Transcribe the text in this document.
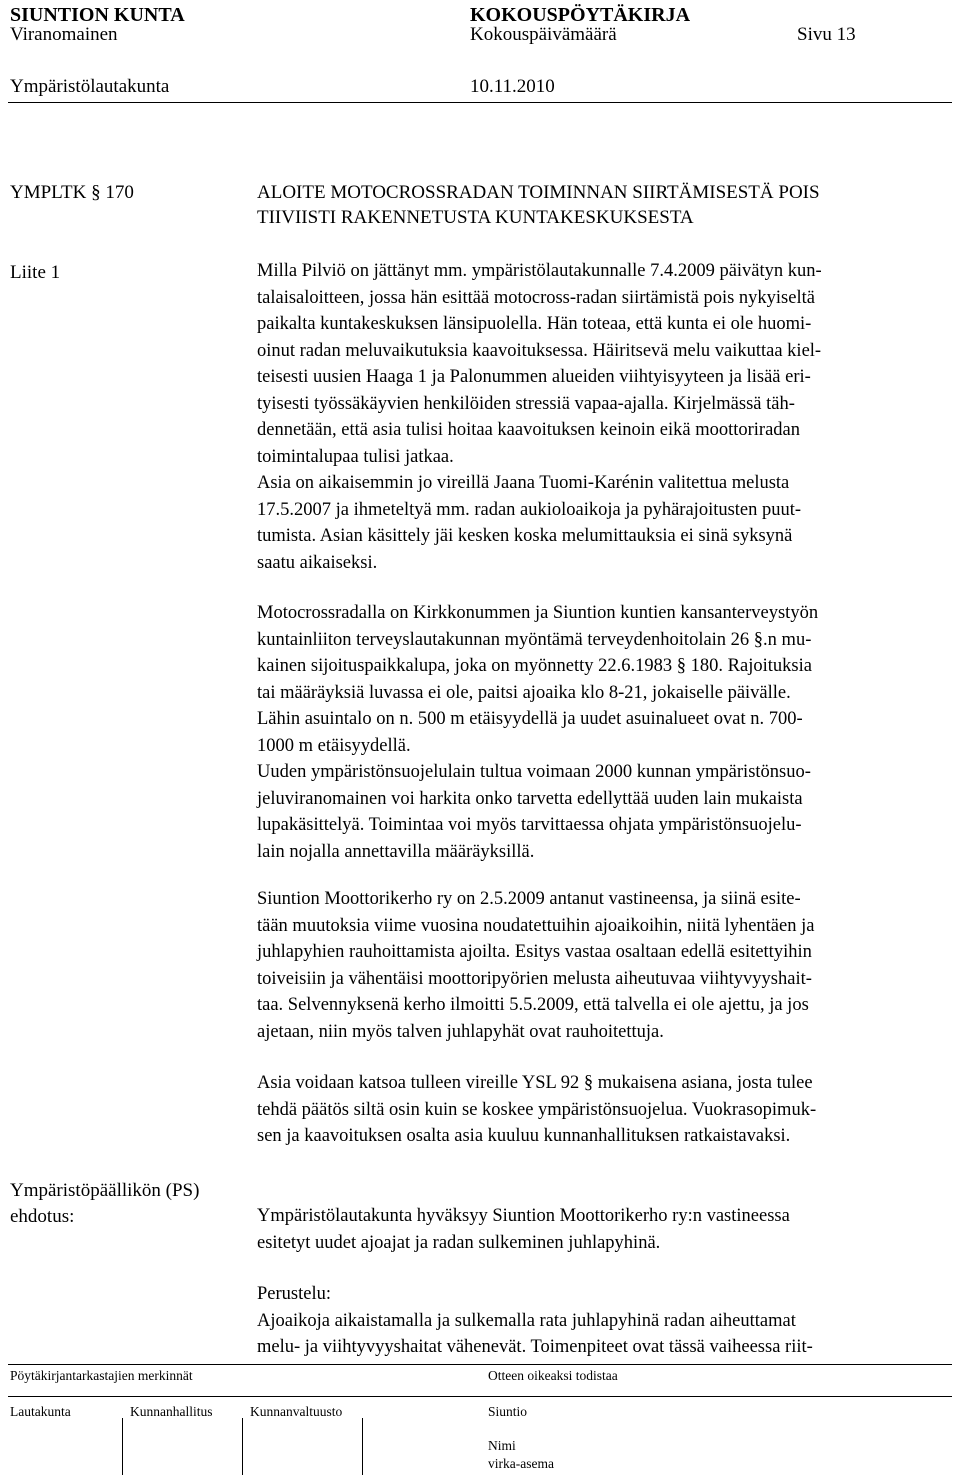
SIUNTION KUNTA	KOKOUSPÖYTÄKIRJA
Viranomainen	Kokouspäivämäärä	Sivu 13
Ympäristölautakunta	10.11.2010
YMPLTK § 170	ALOITE MOTOCROSSRADAN TOIMINNAN SIIRTÄMISESTÄ POIS
TIIVIISTI RAKENNETUSTA KUNTAKESKUKSESTA
Liite 1	Milla Pilviö on jättänyt mm. ympäristölautakunnalle 7.4.2009 päivätyn kun-
talaisaloitteen, jossa hän esittää motocross-radan siirtämistä pois nykyiseltä
paikalta kuntakeskuksen länsipuolella. Hän toteaa, että kunta ei ole huomi-
oinut radan meluvaikutuksia kaavoituksessa. Häiritsevä melu vaikuttaa kiel-
teisesti uusien Haaga 1 ja Palonummen alueiden viihtyisyyteen ja lisää eri-
tyisesti työssäkäyvien henkilöiden stressiä vapaa-ajalla. Kirjelmässä täh-
dennetään, että asia tulisi hoitaa kaavoituksen keinoin eikä moottoriradan
toimintalupaa tulisi jatkaa.
Asia on aikaisemmin jo vireillä Jaana Tuomi-Karénin valitettua melusta
17.5.2007 ja ihmeteltyä mm. radan aukioloaikoja ja pyhärajoitusten puut-
tumista. Asian käsittely jäi kesken koska melumittauksia ei sinä syksynä
saatu aikaiseksi.
Motocrossradalla on Kirkkonummen ja Siuntion kuntien kansanterveystyön
kuntainliiton terveyslautakunnan myöntämä terveydenhoitolain 26 §.n mu-
kainen sijoituspaikkalupa, joka on myönnetty 22.6.1983 § 180. Rajoituksia
tai määräyksiä luvassa ei ole, paitsi ajoaika klo 8-21, jokaiselle päivälle.
Lähin asuintalo on n. 500 m etäisyydellä ja uudet asuinalueet ovat n. 700-
1000 m etäisyydellä.
Uuden ympäristönsuojelulain tultua voimaan 2000 kunnan ympäristönsuo-
jeluviranomainen voi harkita onko tarvetta edellyttää uuden lain mukaista
lupakäsittelyä. Toimintaa voi myös tarvittaessa ohjata ympäristönsuojelu-
lain nojalla annettavilla määräyksillä.
Siuntion Moottorikerho ry on 2.5.2009 antanut vastineensa, ja siinä esite-
tään muutoksia viime vuosina noudatettuihin ajoaikoihin, niitä lyhentäen ja
juhlapyhien rauhoittamista ajoilta. Esitys vastaa osaltaan edellä esitettyihin
toiveisiin ja vähentäisi moottoripyörien melusta aiheutuvaa viihtyvyyshait-
taa. Selvennyksenä kerho ilmoitti 5.5.2009, että talvella ei ole ajettu, ja jos
ajetaan, niin myös talven juhlapyhät ovat rauhoitettuja.
Asia voidaan katsoa tulleen vireille YSL 92 § mukaisena asiana, josta tulee
tehdä päätös siltä osin kuin se koskee ympäristönsuojelua. Vuokrasopimuk-
sen ja kaavoituksen osalta asia kuuluu kunnanhallituksen ratkaistavaksi.
Ympäristöpäällikön (PS)
ehdotus:	Ympäristölautakunta hyväksyy Siuntion Moottorikerho ry:n vastineessa
esitetyt uudet ajoajat ja radan sulkeminen juhlapyhinä.
Perustelu:
Ajoaikoja aikaistamalla ja sulkemalla rata juhlapyhinä radan aiheuttamat
melu- ja viihtyvyyshaitat vähenevät. Toimenpiteet ovat tässä vaiheessa riit-
Pöytäkirjantarkastajien merkinnät	Otteen oikeaksi todistaa
Lautakunta	Kunnanhallitus	Kunnanvaltuusto	Siuntio
Nimi
virka-asema
